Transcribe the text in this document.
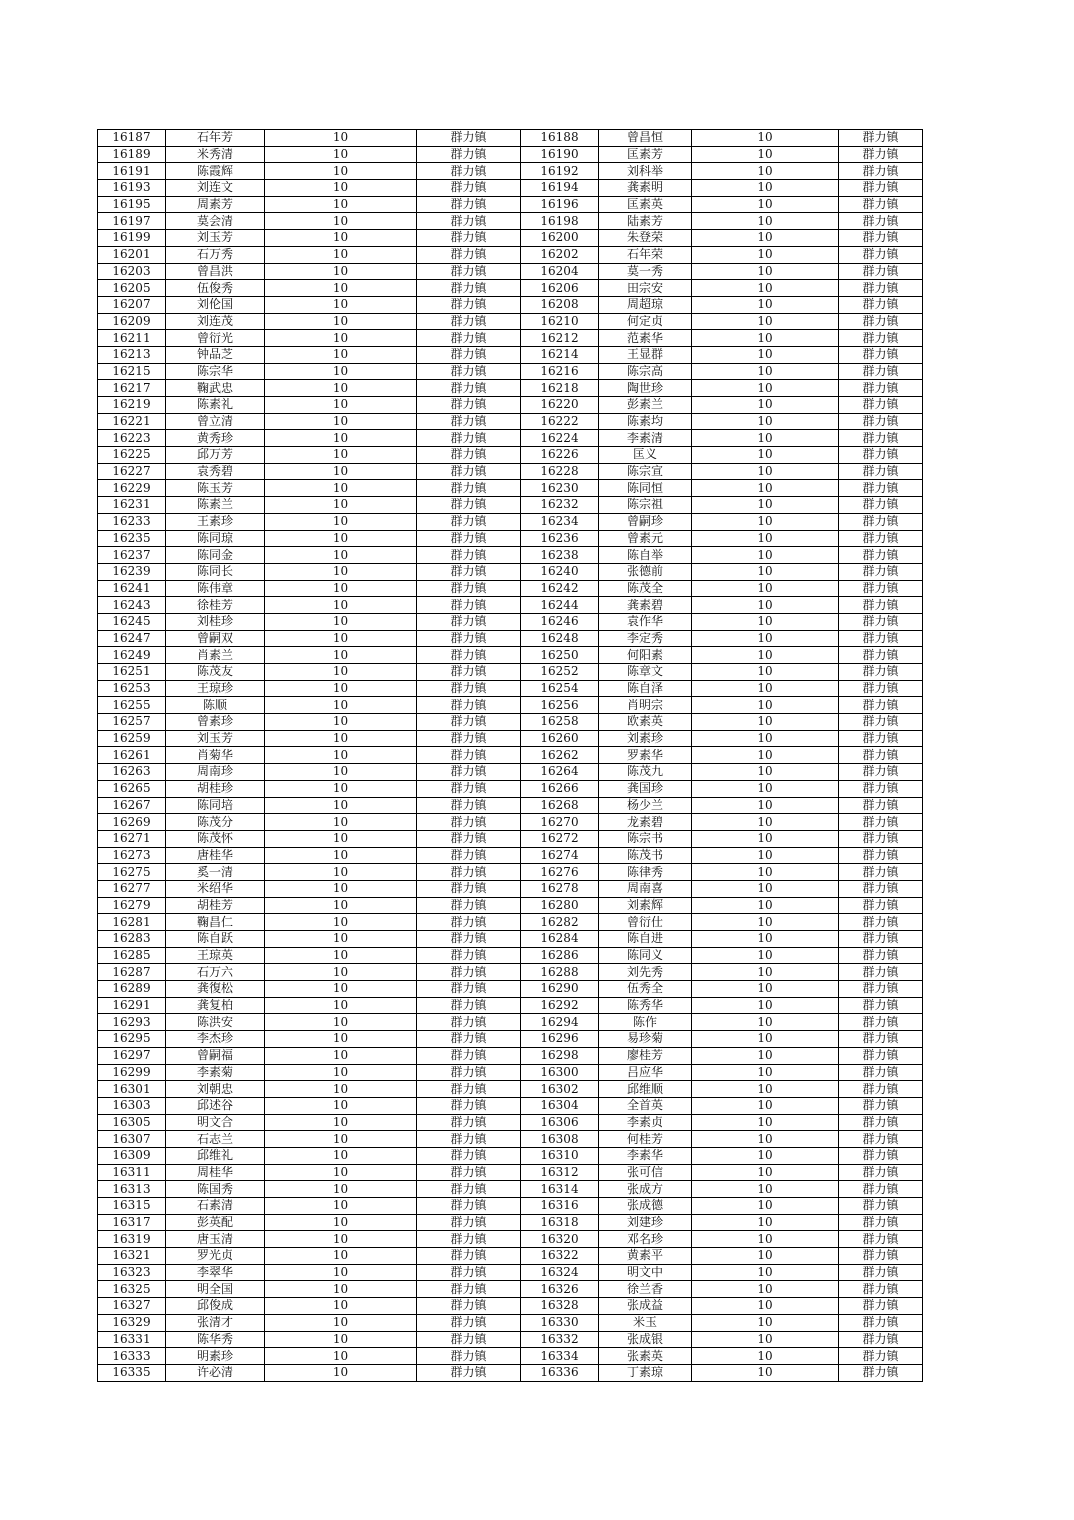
16187	石年芳	10	群力镇	16188	曾昌恒	10	群力镇
16189	米秀清	10	群力镇	16190	匡素芳	10	群力镇
16191	陈霞辉	10	群力镇	16192	刘科举	10	群力镇
16193	刘连文	10	群力镇	16194	龚素明	10	群力镇
16195	周素芳	10	群力镇	16196	匡素英	10	群力镇
16197	莫会清	10	群力镇	16198	陆素芳	10	群力镇
16199	刘玉芳	10	群力镇	16200	朱登荣	10	群力镇
16201	石万秀	10	群力镇	16202	石年荣	10	群力镇
16203	曾昌洪	10	群力镇	16204	莫一秀	10	群力镇
16205	伍俊秀	10	群力镇	16206	田宗安	10	群力镇
16207	刘伦国	10	群力镇	16208	周超琼	10	群力镇
16209	刘连茂	10	群力镇	16210	何定贞	10	群力镇
16211	曾衍光	10	群力镇	16212	范素华	10	群力镇
16213	钟品芝	10	群力镇	16214	王显群	10	群力镇
16215	陈宗华	10	群力镇	16216	陈宗高	10	群力镇
16217	鞠武忠	10	群力镇	16218	陶世珍	10	群力镇
16219	陈素礼	10	群力镇	16220	彭素兰	10	群力镇
16221	曾立清	10	群力镇	16222	陈素均	10	群力镇
16223	黄秀珍	10	群力镇	16224	李素清	10	群力镇
16225	邱万芳	10	群力镇	16226	匡义	10	群力镇
16227	袁秀碧	10	群力镇	16228	陈宗宣	10	群力镇
16229	陈玉芳	10	群力镇	16230	陈同恒	10	群力镇
16231	陈素兰	10	群力镇	16232	陈宗祖	10	群力镇
16233	王素珍	10	群力镇	16234	曾嗣珍	10	群力镇
16235	陈同琼	10	群力镇	16236	曾素元	10	群力镇
16237	陈同金	10	群力镇	16238	陈自举	10	群力镇
16239	陈同长	10	群力镇	16240	张德前	10	群力镇
16241	陈伟章	10	群力镇	16242	陈茂全	10	群力镇
16243	徐桂芳	10	群力镇	16244	龚素碧	10	群力镇
16245	刘桂珍	10	群力镇	16246	袁作华	10	群力镇
16247	曾嗣双	10	群力镇	16248	李定秀	10	群力镇
16249	肖素兰	10	群力镇	16250	何阳素	10	群力镇
16251	陈茂友	10	群力镇	16252	陈章文	10	群力镇
16253	王琼珍	10	群力镇	16254	陈自泽	10	群力镇
16255	陈顺	10	群力镇	16256	肖明宗	10	群力镇
16257	曾素珍	10	群力镇	16258	欧素英	10	群力镇
16259	刘玉芳	10	群力镇	16260	刘素珍	10	群力镇
16261	肖菊华	10	群力镇	16262	罗素华	10	群力镇
16263	周南珍	10	群力镇	16264	陈茂九	10	群力镇
16265	胡桂珍	10	群力镇	16266	龚国珍	10	群力镇
16267	陈同培	10	群力镇	16268	杨少兰	10	群力镇
16269	陈茂分	10	群力镇	16270	龙素碧	10	群力镇
16271	陈茂怀	10	群力镇	16272	陈宗书	10	群力镇
16273	唐桂华	10	群力镇	16274	陈茂书	10	群力镇
16275	奚一清	10	群力镇	16276	陈律秀	10	群力镇
16277	米绍华	10	群力镇	16278	周南喜	10	群力镇
16279	胡桂芳	10	群力镇	16280	刘素辉	10	群力镇
16281	鞠昌仁	10	群力镇	16282	曾衍仕	10	群力镇
16283	陈自跃	10	群力镇	16284	陈自进	10	群力镇
16285	王琼英	10	群力镇	16286	陈同义	10	群力镇
16287	石万六	10	群力镇	16288	刘先秀	10	群力镇
16289	龚復松	10	群力镇	16290	伍秀全	10	群力镇
16291	龚复柏	10	群力镇	16292	陈秀华	10	群力镇
16293	陈洪安	10	群力镇	16294	陈作	10	群力镇
16295	李杰珍	10	群力镇	16296	易珍菊	10	群力镇
16297	曾嗣福	10	群力镇	16298	廖桂芳	10	群力镇
16299	李素菊	10	群力镇	16300	吕应华	10	群力镇
16301	刘朝忠	10	群力镇	16302	邱维顺	10	群力镇
16303	邱述谷	10	群力镇	16304	全首英	10	群力镇
16305	明文合	10	群力镇	16306	李素贞	10	群力镇
16307	石志兰	10	群力镇	16308	何桂芳	10	群力镇
16309	邱维礼	10	群力镇	16310	李素华	10	群力镇
16311	周桂华	10	群力镇	16312	张可信	10	群力镇
16313	陈国秀	10	群力镇	16314	张成方	10	群力镇
16315	石素清	10	群力镇	16316	张成德	10	群力镇
16317	彭英配	10	群力镇	16318	刘建珍	10	群力镇
16319	唐玉清	10	群力镇	16320	邓名珍	10	群力镇
16321	罗光贞	10	群力镇	16322	黄素平	10	群力镇
16323	李翠华	10	群力镇	16324	明文中	10	群力镇
16325	明全国	10	群力镇	16326	徐兰香	10	群力镇
16327	邱俊成	10	群力镇	16328	张成益	10	群力镇
16329	张清才	10	群力镇	16330	米玉	10	群力镇
16331	陈华秀	10	群力镇	16332	张成银	10	群力镇
16333	明素珍	10	群力镇	16334	张素英	10	群力镇
16335	许必清	10	群力镇	16336	丁素琼	10	群力镇
